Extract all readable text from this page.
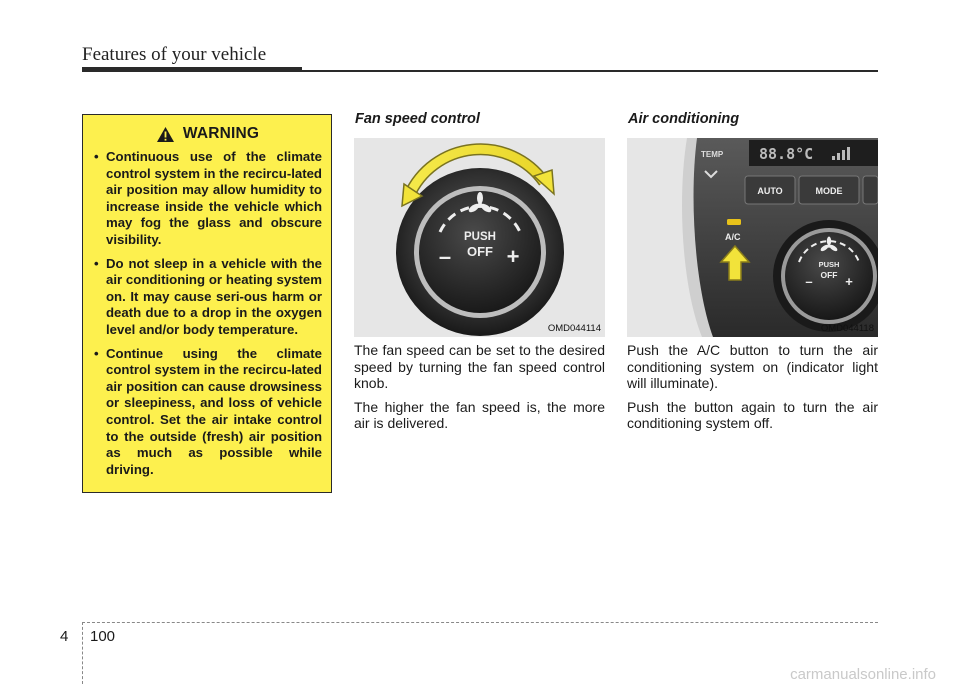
Features of your vehicle
WARNING
• Continuous use of the climate control system in the recircu-lated air position may allow humidity to increase inside the vehicle which may fog the glass and obscure visibility.
• Do not sleep in a vehicle with the air conditioning or heating system on. It may cause seri-ous harm or death due to a drop in the oxygen level and/or body temperature.
• Continue using the climate control system in the recircu-lated air position can cause drowsiness or sleepiness, and loss of vehicle control. Set the air intake control to the outside (fresh) air position as much as possible while driving.
Fan speed control
PUSH
OFF
–	+
OMD044114

The fan speed can be set to the desired speed by turning the fan speed control knob.

The higher the fan speed is, the more air is delivered.

Air conditioning
88.8°C
TEMP
AUTO	MODE
A/C
PUSH
OFF
–	+
OMD044118

Push the A/C button to turn the air conditioning system on (indicator light will illuminate).

Push the button again to turn the air conditioning system off.

4 100
carmanualsonline.info
